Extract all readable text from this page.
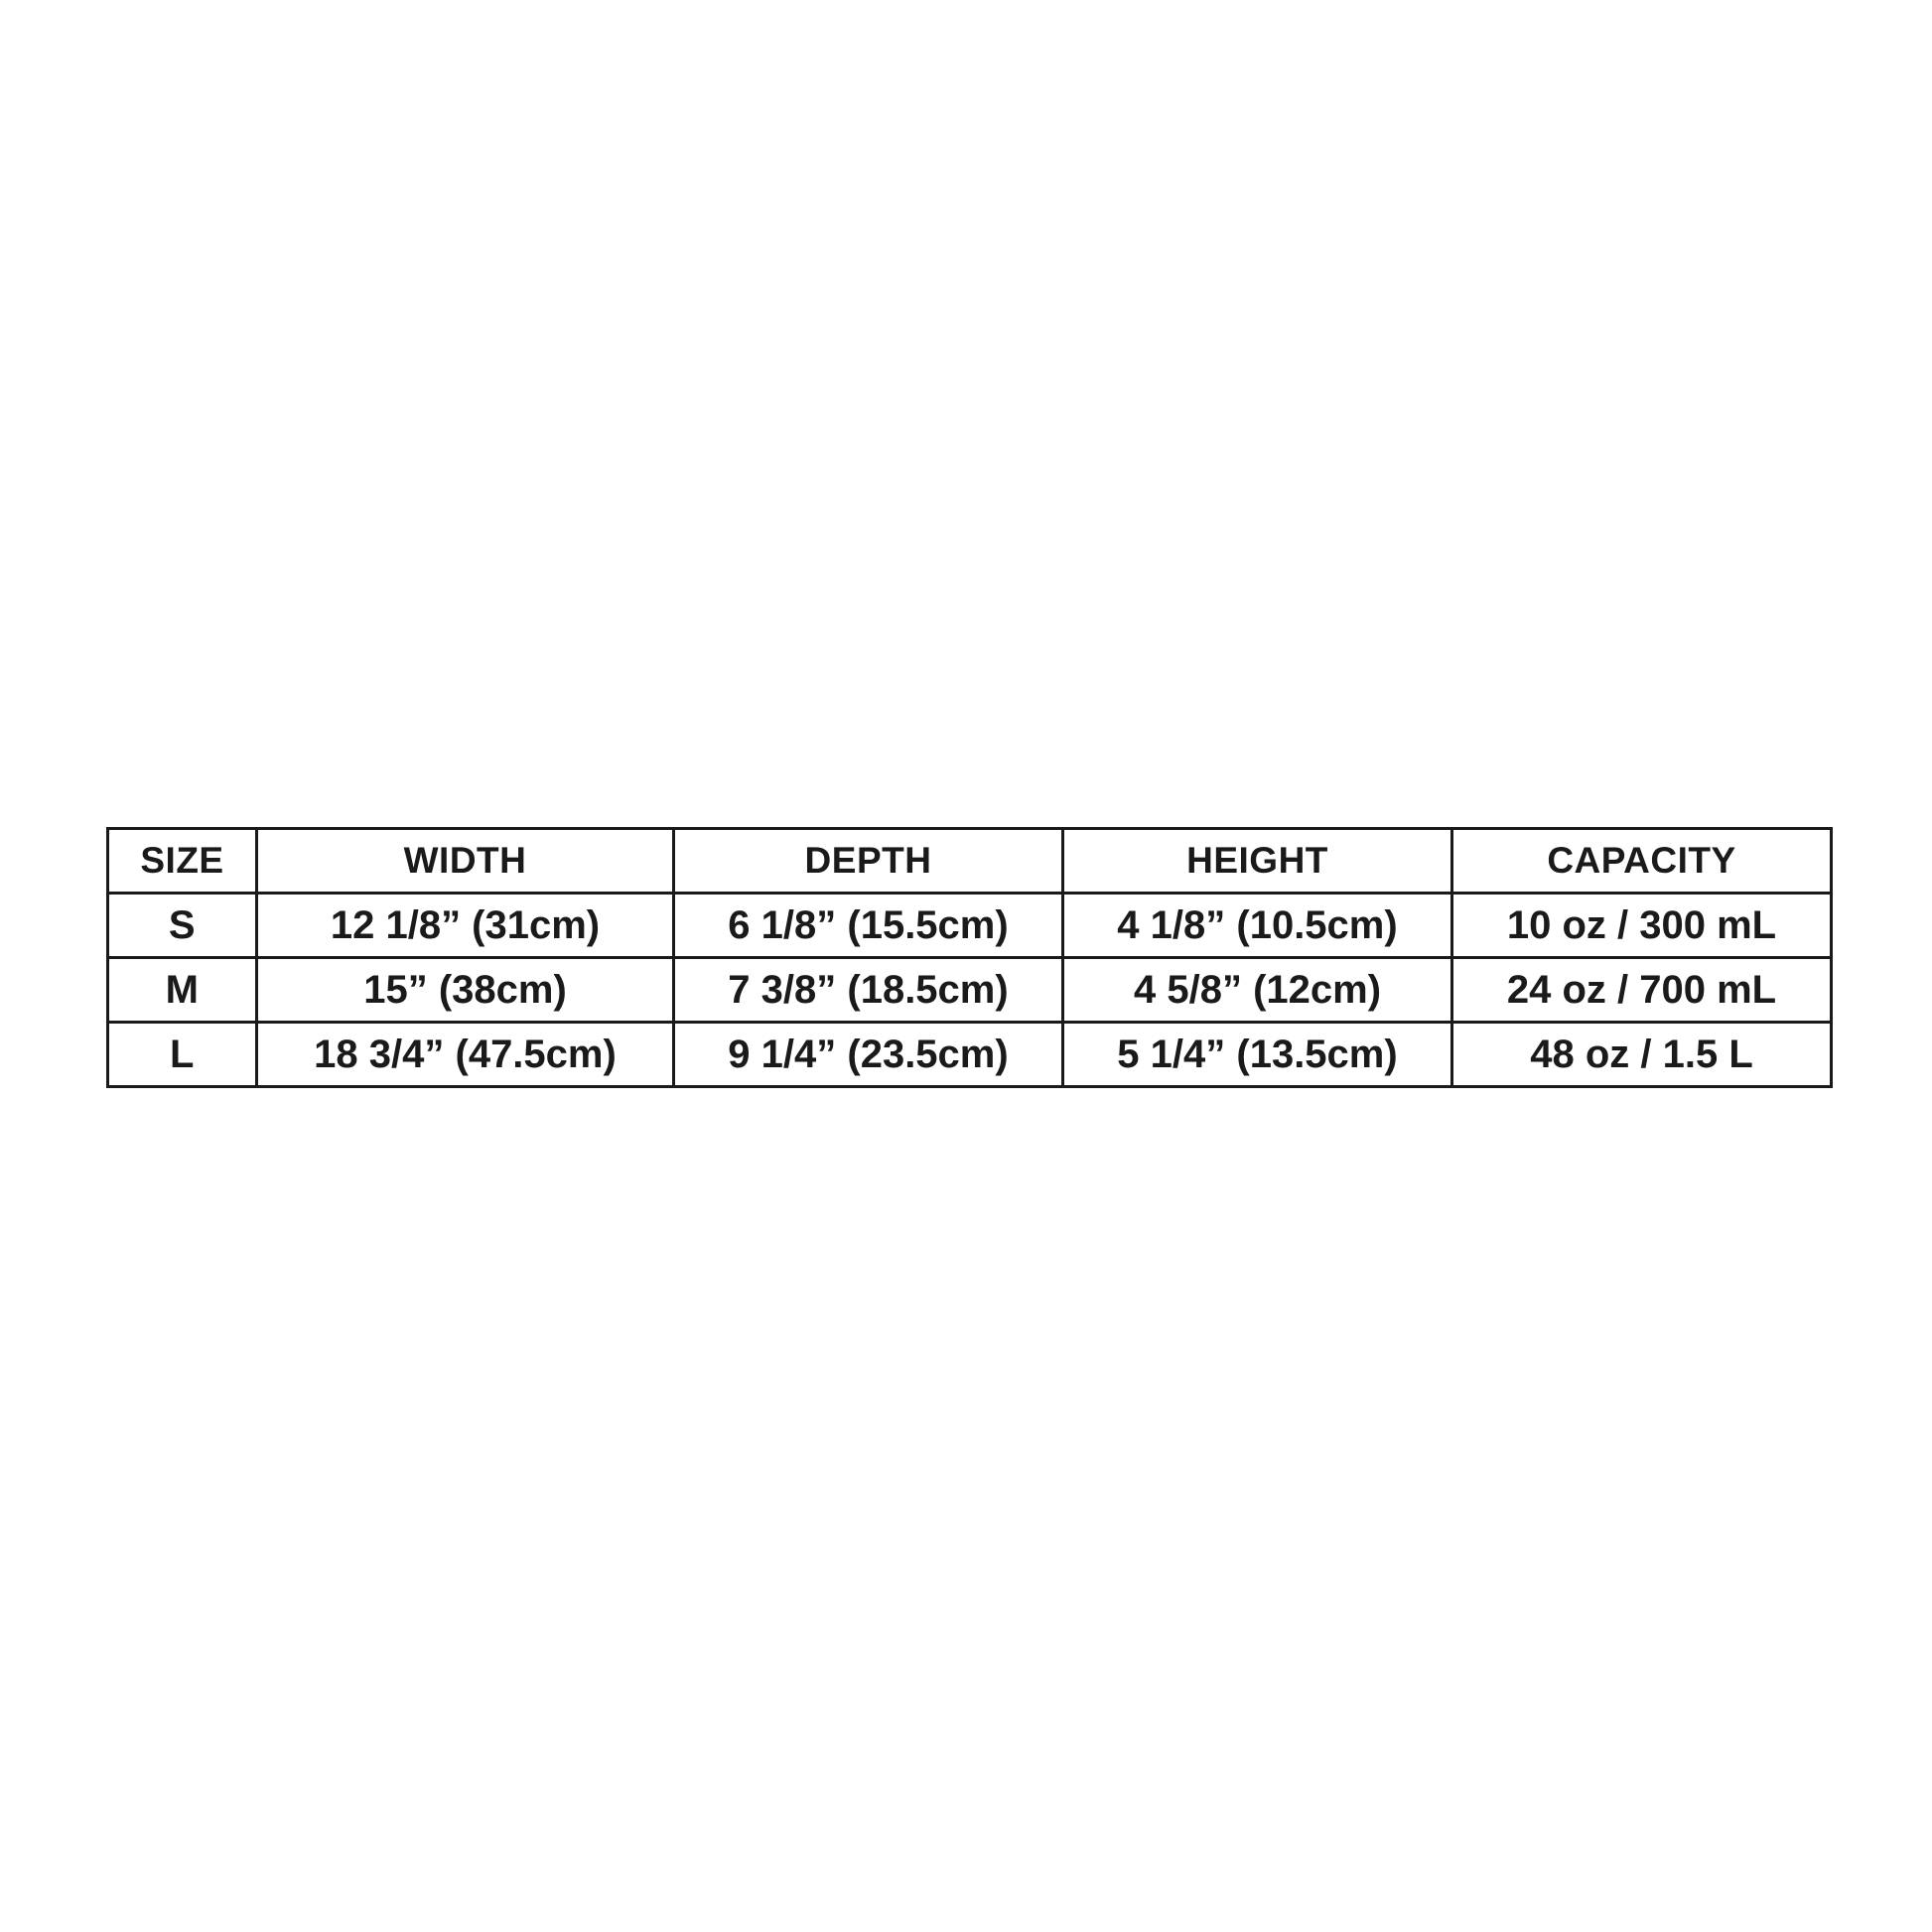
SIZE	WIDTH	DEPTH	HEIGHT	CAPACITY
S	12 1/8” (31cm)	6 1/8” (15.5cm)	4 1/8” (10.5cm)	10 oz / 300 mL
M	15” (38cm)	7 3/8” (18.5cm)	4 5/8” (12cm)	24 oz / 700 mL
L	18 3/4” (47.5cm)	9 1/4” (23.5cm)	5 1/4” (13.5cm)	48 oz / 1.5 L
